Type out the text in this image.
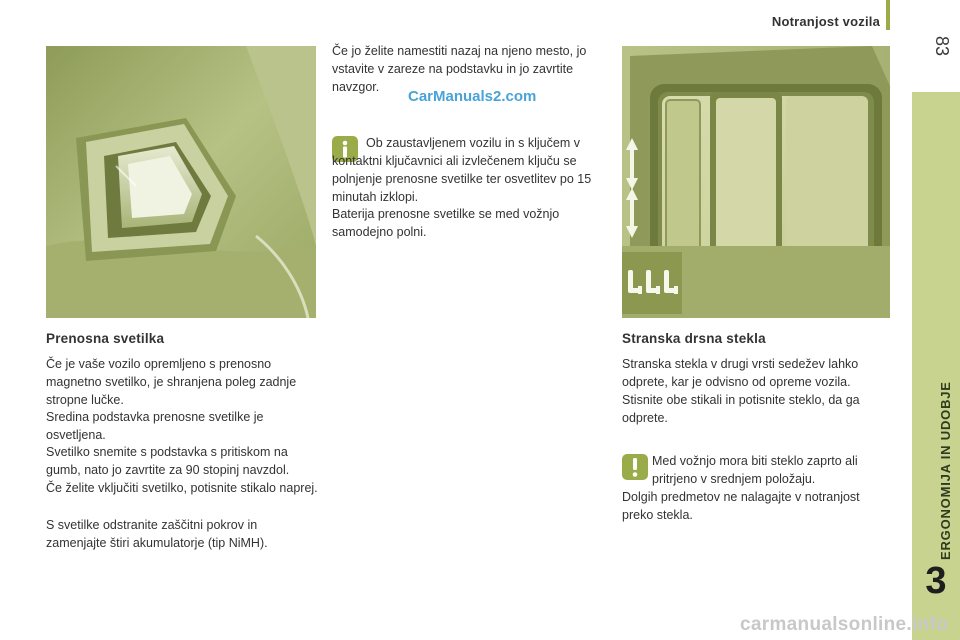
Notranjost vozila
83
ERGONOMIJA IN UDOBJE
3
Prenosna svetilka

Če je vaše vozilo opremljeno s prenosno magnetno svetilko, je shranjena poleg zadnje stropne lučke.

Sredina podstavka prenosne svetilke je osvetljena.

Svetilko snemite s podstavka s pritiskom na gumb, nato jo zavrtite za 90 stopinj navzdol.

Če želite vključiti svetilko, potisnite stikalo naprej.

S svetilke odstranite zaščitni pokrov in zamenjajte štiri akumulatorje (tip NiMH).

Če jo želite namestiti nazaj na njeno mesto, jo vstavite v zareze na podstavku in jo zavrtite navzgor.

CarManuals2.com

Ob zaustavljenem vozilu in s ključem v kontaktni ključavnici ali izvlečenem ključu se polnjenje prenosne svetilke ter osvetlitev po 15 minutah izklopi.

Baterija prenosne svetilke se med vožnjo samodejno polni.

Stranska drsna stekla

Stranska stekla v drugi vrsti sedežev lahko odprete, kar je odvisno od opreme vozila.

Stisnite obe stikali in potisnite steklo, da ga odprete.

Med vožnjo mora biti steklo zaprto ali pritrjeno v srednjem položaju.

Dolgih predmetov ne nalagajte v notranjost preko stekla.

carmanualsonline.info
